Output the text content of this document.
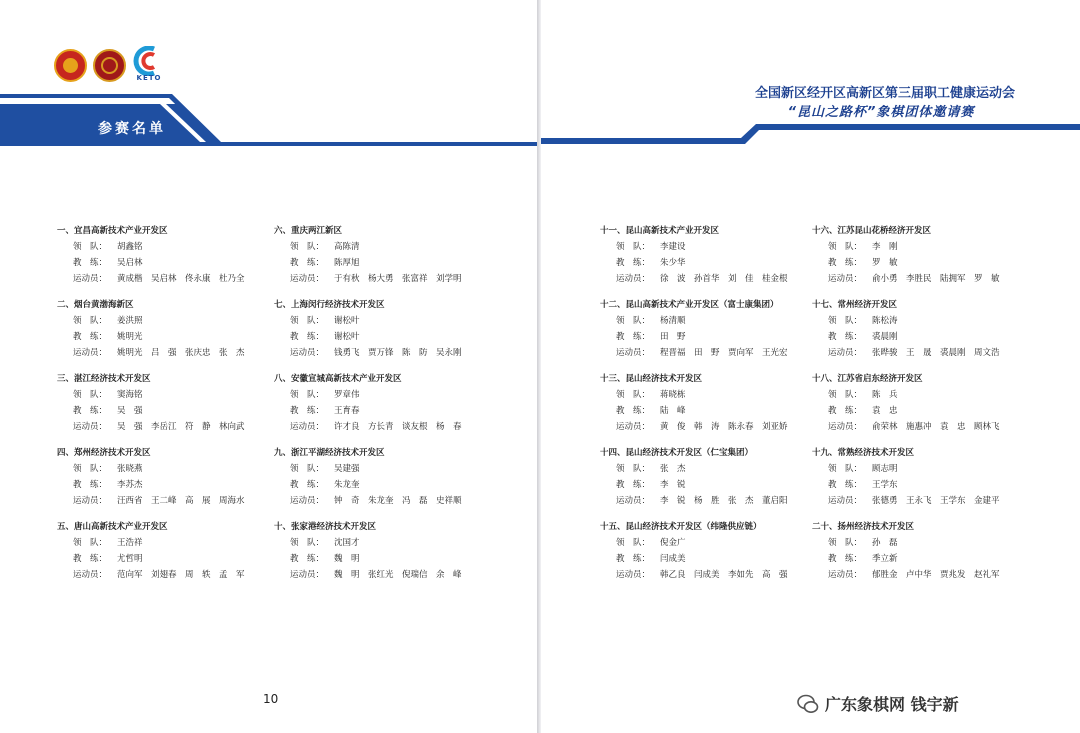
KETO
参赛名单
10
全国新区经开区高新区第三届职工健康运动会
“昆山之路杯”象棋团体邀请赛
一、宜昌高新技术产业开发区
领　队：	胡鑫铭
教　练：	吴启林
运动员：	黄成楷　吴启林　佟永康　杜乃全
二、烟台黄渤海新区
领　队：	姜洪照
教　练：	姚明光
运动员：	姚明光　吕　强　张庆忠　张　杰
三、湛江经济技术开发区
领　队：	窦海铭
教　练：	吴　强
运动员：	吴　强　李岳江　符　静　林向武
四、郑州经济技术开发区
领　队：	张晓燕
教　练：	李苏杰
运动员：	汪西省　王二峰　高　展　周海水
五、唐山高新技术产业开发区
领　队：	王浩祥
教　练：	尤哲明
运动员：	范向军　刘翅春　周　轶　孟　军
六、重庆两江新区
领　队：	高陈清
教　练：	陈厚旭
运动员：	于有秋　杨大勇　张富祥　刘学明
七、上海闵行经济技术开发区
领　队：	谢松叶
教　练：	谢松叶
运动员：	钱勇飞　贾万锋　陈　防　吴永刚
八、安徽宣城高新技术产业开发区
领　队：	罗章伟
教　练：	王育春
运动员：	许才良　方长青　谈友根　杨　春
九、浙江平湖经济技术开发区
领　队：	吴建强
教　练：	朱龙奎
运动员：	钟　奇　朱龙奎　冯　磊　史祥顺
十、张家港经济技术开发区
领　队：	沈国才
教　练：	魏　明
运动员：	魏　明　张红光　倪瑞信　余　峰
十一、昆山高新技术产业开发区
领　队：	李建设
教　练：	朱少华
运动员：	徐　波　孙首华　刘　佳　桂金根
十二、昆山高新技术产业开发区（富士康集团）
领　队：	杨清顺
教　练：	田　野
运动员：	程晋福　田　野　贾向军　王光宏
十三、昆山经济技术开发区
领　队：	蒋晓栋
教　练：	陆　峰
运动员：	黄　俊　韩　涛　陈永春　刘亚娇
十四、昆山经济技术开发区（仁宝集团）
领　队：	张　杰
教　练：	李　锐
运动员：	李　锐　杨　胜　张　杰　董启阳
十五、昆山经济技术开发区（纬隆供应链）
领　队：	倪金广
教　练：	闫成美
运动员：	韩乙良　闫成美　李如先　高　强
十六、江苏昆山花桥经济开发区
领　队：	李　刚
教　练：	罗　敏
运动员：	俞小勇　李胜民　陆拥军　罗　敏
十七、常州经济开发区
领　队：	陈松涛
教　练：	裘晨刚
运动员：	张晔骏　王　晟　裘晨刚　周文浩
十八、江苏省启东经济开发区
领　队：	陈　兵
教　练：	袁　忠
运动员：	俞荣林　施惠冲　袁　忠　顾林飞
十九、常熟经济技术开发区
领　队：	顾志明
教　练：	王学东
运动员：	张德勇　王永飞　王学东　金建平
二十、扬州经济技术开发区
领　队：	孙　磊
教　练：	季立新
运动员：	郁胜金　卢中华　贾兆发　赵礼军
广东象棋网 钱宇新
